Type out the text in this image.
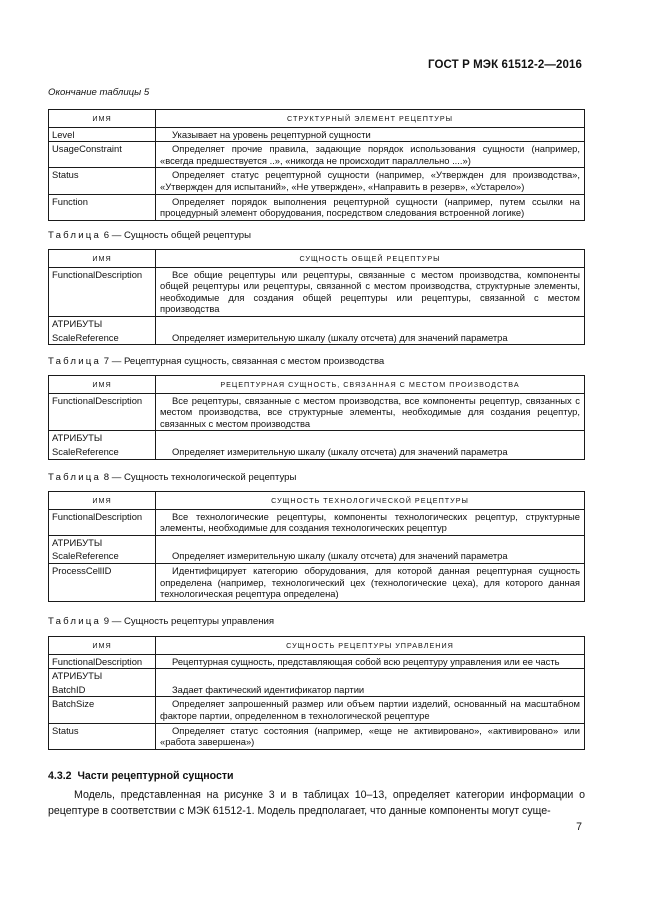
ГОСТ Р МЭК 61512-2—2016
Окончание таблицы 5
ИМЯ	СТРУКТУРНЫЙ ЭЛЕМЕНТ РЕЦЕПТУРЫ
Level	Указывает на уровень рецептурной сущности
UsageConstraint	Определяет прочие правила, задающие порядок использования сущности (например, «всегда предшествуется ..», «никогда не происходит параллельно ....»)
Status	Определяет статус рецептурной сущности (например, «Утвержден для производства», «Утвержден для испытаний», «Не утвержден», «Направить в резерв», «Устарело»)
Function	Определяет порядок выполнения рецептурной сущности (например, путем ссылки на процедурный элемент оборудования, посредством следования встроенной логике)
Таблица 6 — Сущность общей рецептуры
ИМЯ	СУЩНОСТЬ ОБЩЕЙ РЕЦЕПТУРЫ
FunctionalDescription	Все общие рецептуры или рецептуры, связанные с местом производства, компоненты общей рецептуры или рецептуры, связанной с местом производства, структурные элементы, необходимые для создания общей рецептуры или рецептуры, связанной с местом производства
АТРИБУТЫ	
ScaleReference	Определяет измерительную шкалу (шкалу отсчета) для значений параметра
Таблица 7 — Рецептурная сущность, связанная с местом производства
ИМЯ	РЕЦЕПТУРНАЯ СУЩНОСТЬ, СВЯЗАННАЯ С МЕСТОМ ПРОИЗВОДСТВА
FunctionalDescription	Все рецептуры, связанные с местом производства, все компоненты рецептур, связанных с местом производства, все структурные элементы, необходимые для создания рецептур, связанных с местом производства
АТРИБУТЫ	
ScaleReference	Определяет измерительную шкалу (шкалу отсчета) для значений параметра
Таблица 8 — Сущность технологической рецептуры
ИМЯ	СУЩНОСТЬ ТЕХНОЛОГИЧЕСКОЙ РЕЦЕПТУРЫ
FunctionalDescription	Все технологические рецептуры, компоненты технологических рецептур, структурные элементы, необходимые для создания технологических рецептур
АТРИБУТЫ	
ScaleReference	Определяет измерительную шкалу (шкалу отсчета) для значений параметра
ProcessCellID	Идентифицирует категорию оборудования, для которой данная рецептурная сущность определена (например, технологический цех (технологические цеха), для которого данная технологическая рецептура определена)
Таблица 9 — Сущность рецептуры управления
ИМЯ	СУЩНОСТЬ РЕЦЕПТУРЫ УПРАВЛЕНИЯ
FunctionalDescription	Рецептурная сущность, представляющая собой всю рецептуру управления или ее часть
АТРИБУТЫ	
BatchID	Задает фактический идентификатор партии
BatchSize	Определяет запрошенный размер или объем партии изделий, основанный на масштабном факторе партии, определенном в технологической рецептуре
Status	Определяет статус состояния (например, «еще не активировано», «активировано» или «работа завершена»)
4.3.2 Части рецептурной сущности
Модель, представленная на рисунке 3 и в таблицах 10–13, определяет категории информации о рецептуре в соответствии с МЭК 61512-1. Модель предполагает, что данные компоненты могут суще-
7
